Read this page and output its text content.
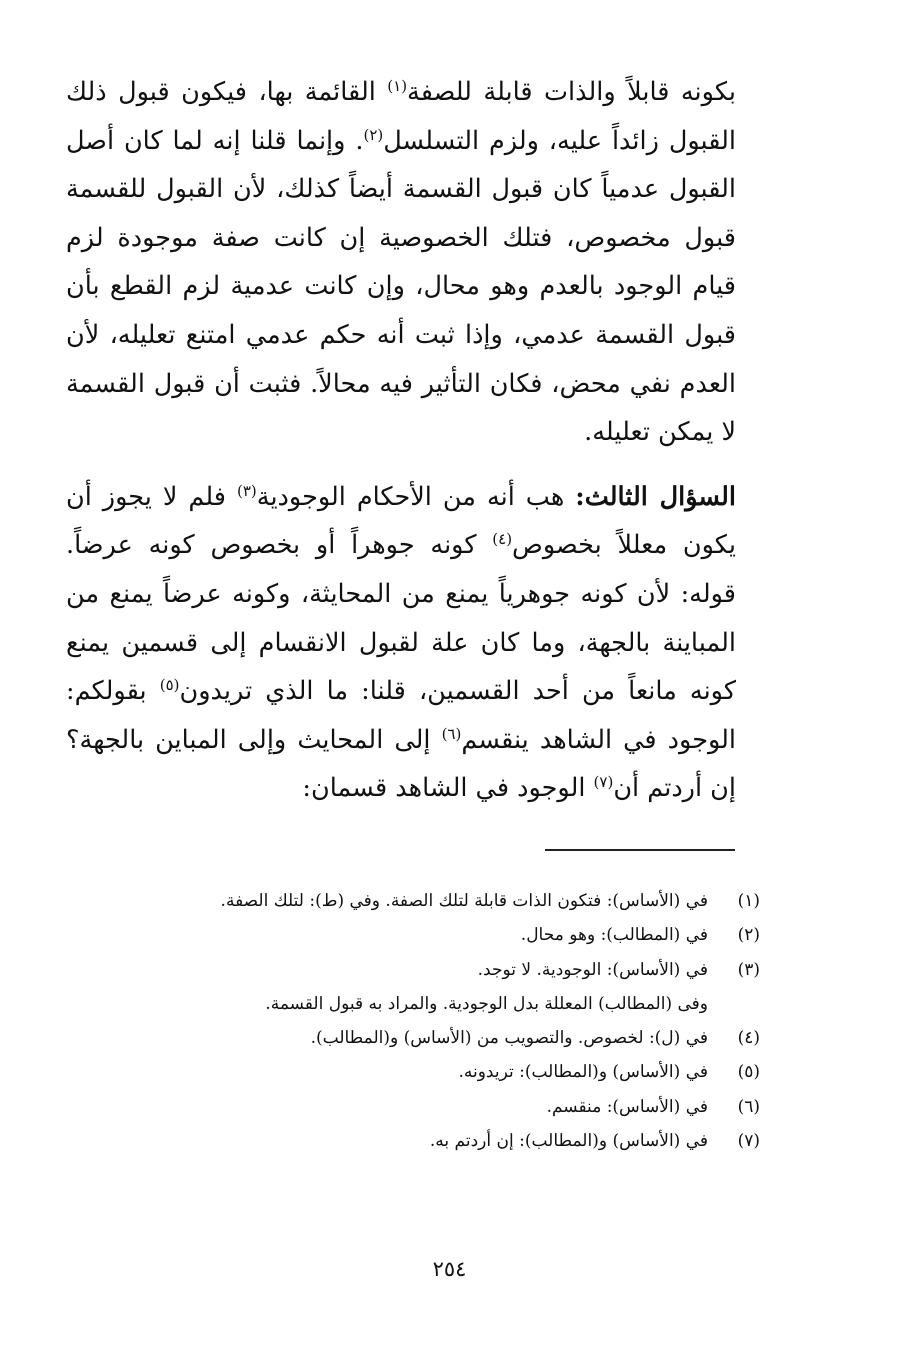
بكونه قابلاً والذات قابلة للصفة$^{(١)}$ القائمة بها، فيكون قبول ذلك القبول زائداً عليه، ولزم التسلسل$^{(٢)}$. وإنما قلنا إنه لما كان أصل القبول عدمياً كان قبول القسمة أيضاً كذلك، لأن القبول للقسمة قبول مخصوص، فتلك الخصوصية إن كانت صفة موجودة لزم قيام الوجود بالعدم وهو محال، وإن كانت عدمية لزم القطع بأن قبول القسمة عدمي، وإذا ثبت أنه حكم عدمي امتنع تعليله، لأن العدم نفي محض، فكان التأثير فيه محالاً. فثبت أن قبول القسمة لا يمكن تعليله.

السؤال الثالث: هب أنه من الأحكام الوجودية$^{(٣)}$ فلم لا يجوز أن يكون معللاً بخصوص$^{(٤)}$ كونه جوهراً أو بخصوص كونه عرضاً. قوله: لأن كونه جوهرياً يمنع من المحايثة، وكونه عرضاً يمنع من المباينة بالجهة، وما كان علة لقبول الانقسام إلى قسمين يمنع كونه مانعاً من أحد القسمين، قلنا: ما الذي تريدون$^{(٥)}$ بقولكم: الوجود في الشاهد ينقسم$^{(٦)}$ إلى المحايث وإلى المباين بالجهة؟ إن أردتم أن$^{(٧)}$ الوجود في الشاهد قسمان:

(١)
في (الأساس): فتكون الذات قابلة لتلك الصفة. وفي (ط): لتلك الصفة.
(٢)
في (المطالب): وهو محال.
(٣)
في (الأساس): الوجودية. لا توجد.
وفى (المطالب) المعللة بدل الوجودية. والمراد به قبول القسمة.
(٤)
في (ل): لخصوص. والتصويب من (الأساس) و(المطالب).
(٥)
في (الأساس) و(المطالب): تريدونه.
(٦)
في (الأساس): منقسم.
(٧)
في (الأساس) و(المطالب): إن أردتم به.
٢٥٤
